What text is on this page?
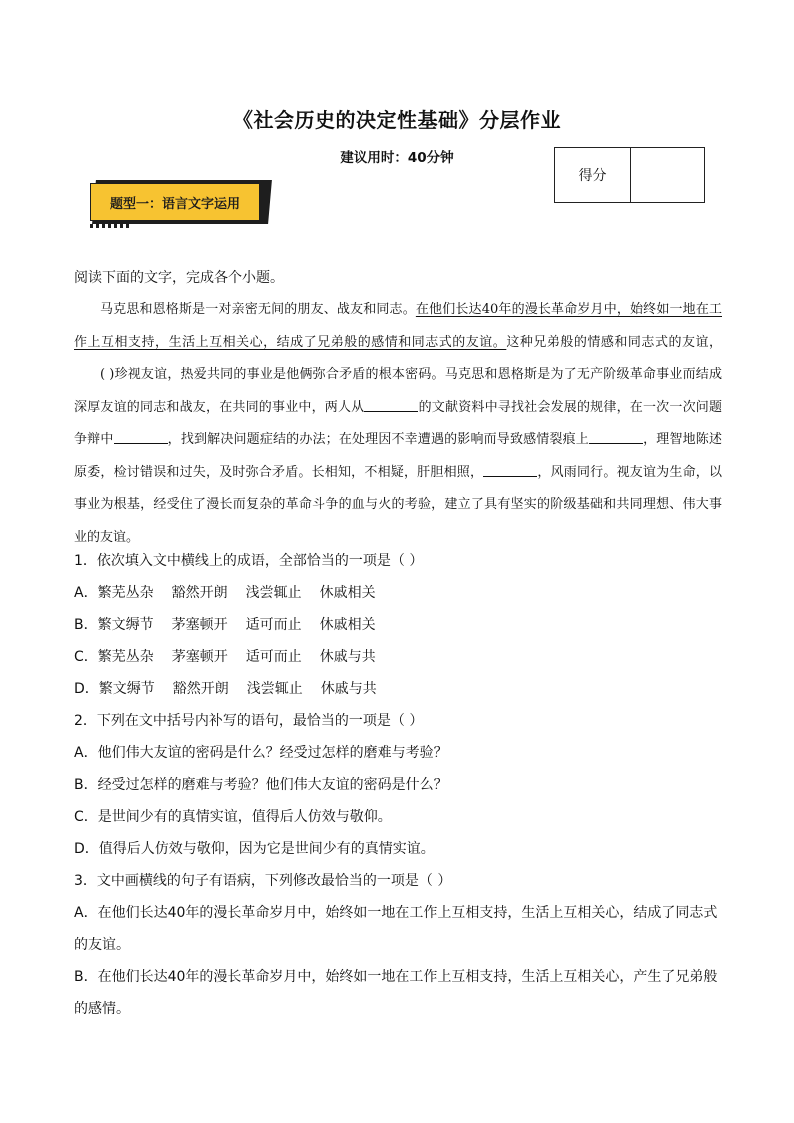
《社会历史的决定性基础》分层作业
建议用时：40分钟
得分
题型一：语言文字运用

阅读下面的文字，完成各个小题。

马克思和恩格斯是一对亲密无间的朋友、战友和同志。在他们长达40年的漫长革命岁月中，始终如一地在工作上互相支持，生活上互相关心，结成了兄弟般的感情和同志式的友谊。这种兄弟般的情感和同志式的友谊，( )珍视友谊，热爱共同的事业是他俩弥合矛盾的根本密码。马克思和恩格斯是为了无产阶级革命事业而结成深厚友谊的同志和战友，在共同的事业中，两人从	的文献资料中寻找社会发展的规律，在一次一次问题争辩中	，找到解决问题症结的办法；在处理因不幸遭遇的影响而导致感情裂痕上	，理智地陈述原委，检讨错误和过失，及时弥合矛盾。长相知，不相疑，肝胆相照，	，风雨同行。视友谊为生命，以事业为根基，经受住了漫长而复杂的革命斗争的血与火的考验，建立了具有坚实的阶级基础和共同理想、伟大事业的友谊。

1．依次填入文中横线上的成语，全部恰当的一项是（ ）

A．繁芜丛杂 豁然开朗 浅尝辄止 休戚相关

B．繁文缛节 茅塞顿开 适可而止 休戚相关

C．繁芜丛杂 茅塞顿开 适可而止 休戚与共

D．繁文缛节 豁然开朗 浅尝辄止 休戚与共

2．下列在文中括号内补写的语句，最恰当的一项是（ ）

A．他们伟大友谊的密码是什么？经受过怎样的磨难与考验？

B．经受过怎样的磨难与考验？他们伟大友谊的密码是什么？

C．是世间少有的真情实谊，值得后人仿效与敬仰。

D．值得后人仿效与敬仰，因为它是世间少有的真情实谊。

3．文中画横线的句子有语病，下列修改最恰当的一项是（ ）

A．在他们长达40年的漫长革命岁月中，始终如一地在工作上互相支持，生活上互相关心，结成了同志式的友谊。

B．在他们长达40年的漫长革命岁月中，始终如一地在工作上互相支持，生活上互相关心，产生了兄弟般的感情。
